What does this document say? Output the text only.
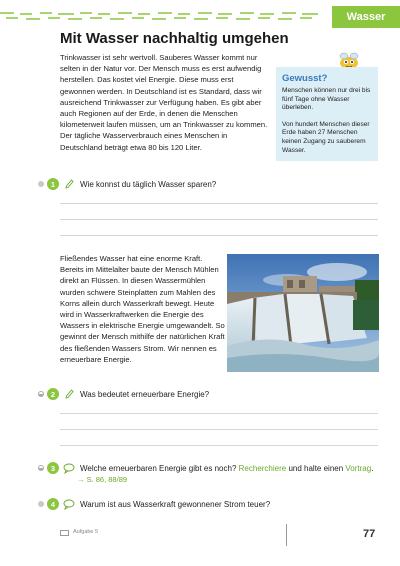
Wasser
Mit Wasser nachhaltig umgehen

Trinkwasser ist sehr wertvoll. Sauberes Wasser kommt nur selten in der Natur vor. Der Mensch muss es erst aufwendig herstellen. Das kostet viel Energie. Diese muss erst gewonnen werden. In Deutschland ist es Standard, dass wir ausreichend Trinkwasser zur Verfügung haben. Es gibt aber auch Regionen auf der Erde, in denen die Menschen kilometerweit laufen müssen, um an Trinkwasser zu kommen. Der tägliche Wasserverbrauch eines Menschen in Deutschland beträgt etwa 80 bis 120 Liter.

Gewusst?

Menschen können nur drei bis fünf Tage ohne Wasser überleben.

Von hundert Menschen dieser Erde haben 27 Menschen keinen Zugang zu sauberem Wasser.

1	Wie konnst du täglich Wasser sparen?

Fließendes Wasser hat eine enorme Kraft. Bereits im Mittelalter baute der Mensch Mühlen direkt an Flüssen. In diesen Wassermühlen wurden schwere Steinplatten zum Mahlen des Korns allein durch Wasserkraft bewegt. Heute wird in Wasserkraftwerken die Energie des Wassers in elektrische Energie umgewandelt. So gewinnt der Mensch mithilfe der natürlichen Kraft des fließenden Wassers Strom. Wir nennen es erneuerbare Energie.

2	Was bedeutet erneuerbare Energie?
3	Welche erneuerbaren Energie gibt es noch? Recherchiere und halte einen Vortrag.
→ S. 86, 88/89
4	Warum ist aus Wasserkraft gewonnener Strom teuer?
Aufgabe 5	77
